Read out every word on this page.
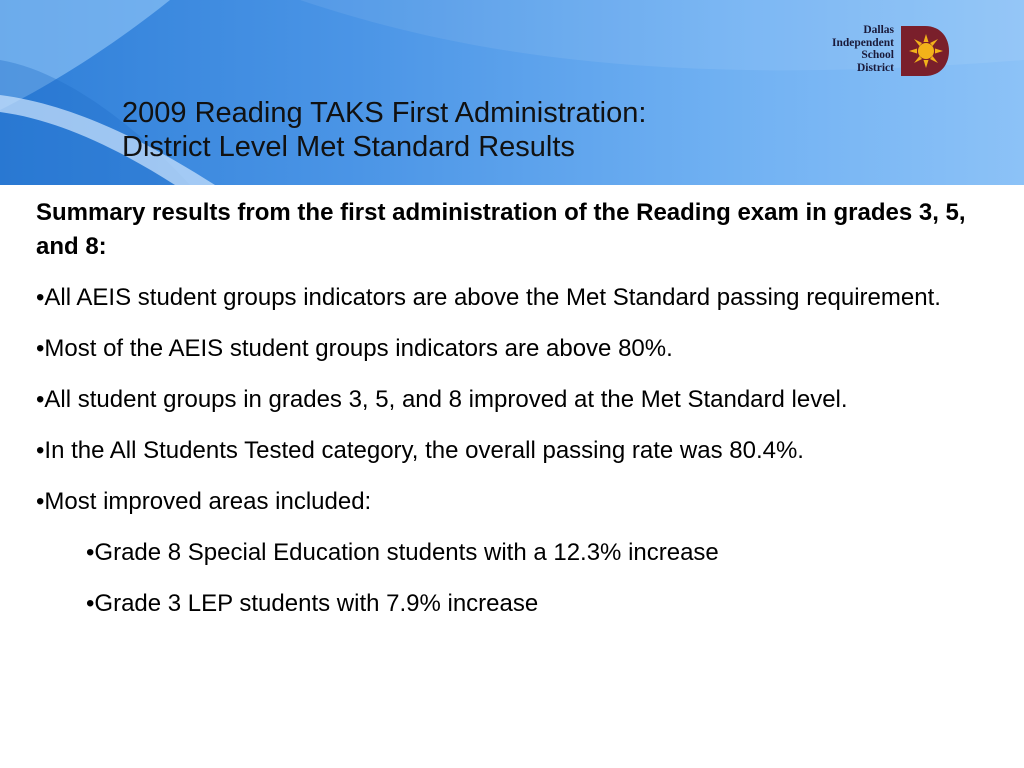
Dallas
Independent
School
District
2009 Reading TAKS First Administration:
District Level Met Standard Results
Summary results from the first administration of the Reading exam in grades 3, 5, and 8:
•All AEIS student groups indicators are above the Met Standard passing requirement.
•Most of the AEIS student groups indicators are above 80%.
•All student groups in grades 3, 5, and 8 improved at the Met Standard level.
•In the All Students Tested category, the overall passing rate was 80.4%.
•Most improved areas included:
•Grade 8 Special Education students with a 12.3% increase
•Grade 3 LEP students with 7.9% increase
